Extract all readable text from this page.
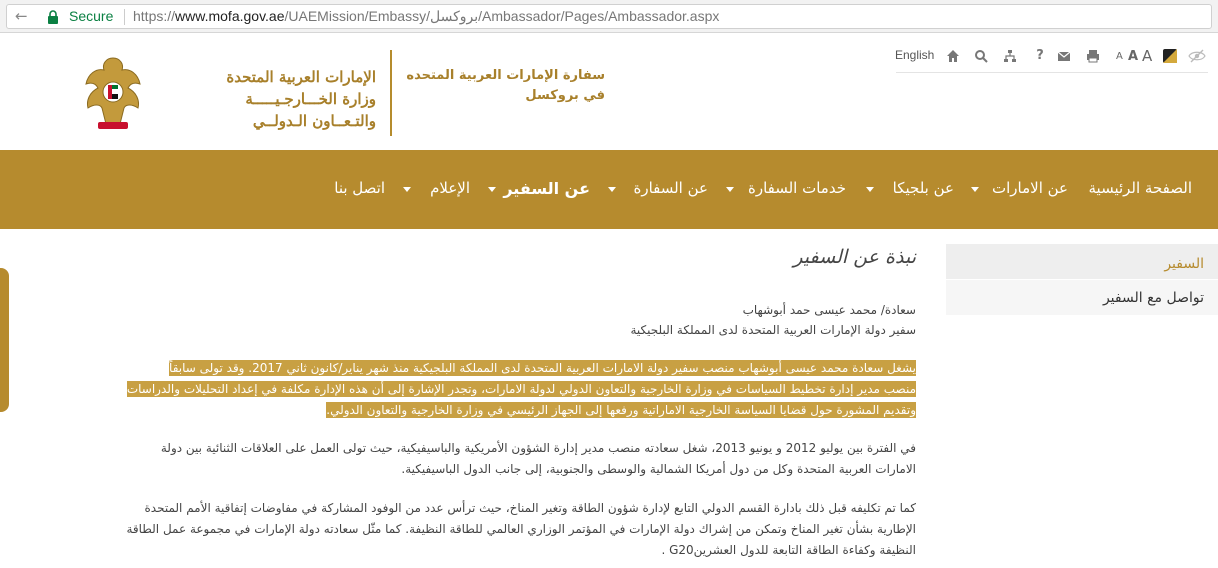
←	Secure https://www.mofa.gov.ae/UAEMission/Embassy/بروكسل/Ambassador/Pages/Ambassador.aspx
الإمارات العربية المتحدة
وزارة الخـــارجـيـــــة
والتـعــاون الـدولــي
سفارة الإمارات العربية المتحده
في بروكسل
English	?	A A A
الصفحة الرئيسية
عن الامارات
عن بلجيكا
خدمات السفارة
عن السفارة
عن السفير
الإعلام
اتصل بنا
السفير
تواصل مع السفير
نبذة عن السفير
سعادة/ محمد عيسى حمد أبوشهاب
سفير دولة الإمارات العربية المتحدة لدى المملكة البلجيكية
يشغل سعادة محمد عيسى أبوشهاب منصب سفير دولة الامارات العربية المتحدة لدى المملكة البلجيكية منذ شهر يناير/كانون ثاني 2017. وقد تولى سابقاً
منصب مدير إدارة تخطيط السياسات في وزارة الخارجية والتعاون الدولي لدولة الامارات، وتجدر الإشارة إلى أن هذه الإدارة مكلفة في إعداد التحليلات والدراسات
وتقديم المشورة حول قضايا السياسة الخارجية الاماراتية ورفعها إلى الجهاز الرئيسي في وزارة الخارجية والتعاون الدولي.
في الفترة بين يوليو 2012 و يونيو 2013، شغل سعادته منصب مدير إدارة الشؤون الأمريكية والباسيفيكية، حيث تولى العمل على العلاقات الثنائية بين دولة
الامارات العربية المتحدة وكل من دول أمريكا الشمالية والوسطى والجنوبية، إلى جانب الدول الباسيفيكية.
كما تم تكليفه قبل ذلك بادارة القسم الدولي التابع لإدارة شؤون الطاقة وتغير المناخ، حيث ترأس عدد من الوفود المشاركة في مفاوضات إتفاقية الأمم المتحدة
الإطارية بشأن تغير المناخ وتمكن من إشراك دولة الإمارات في المؤتمر الوزاري العالمي للطاقة النظيفة. كما مثّل سعادته دولة الإمارات في مجموعة عمل الطاقة
النظيفة وكفاءة الطاقة التابعة للدول العشرينG20 .
